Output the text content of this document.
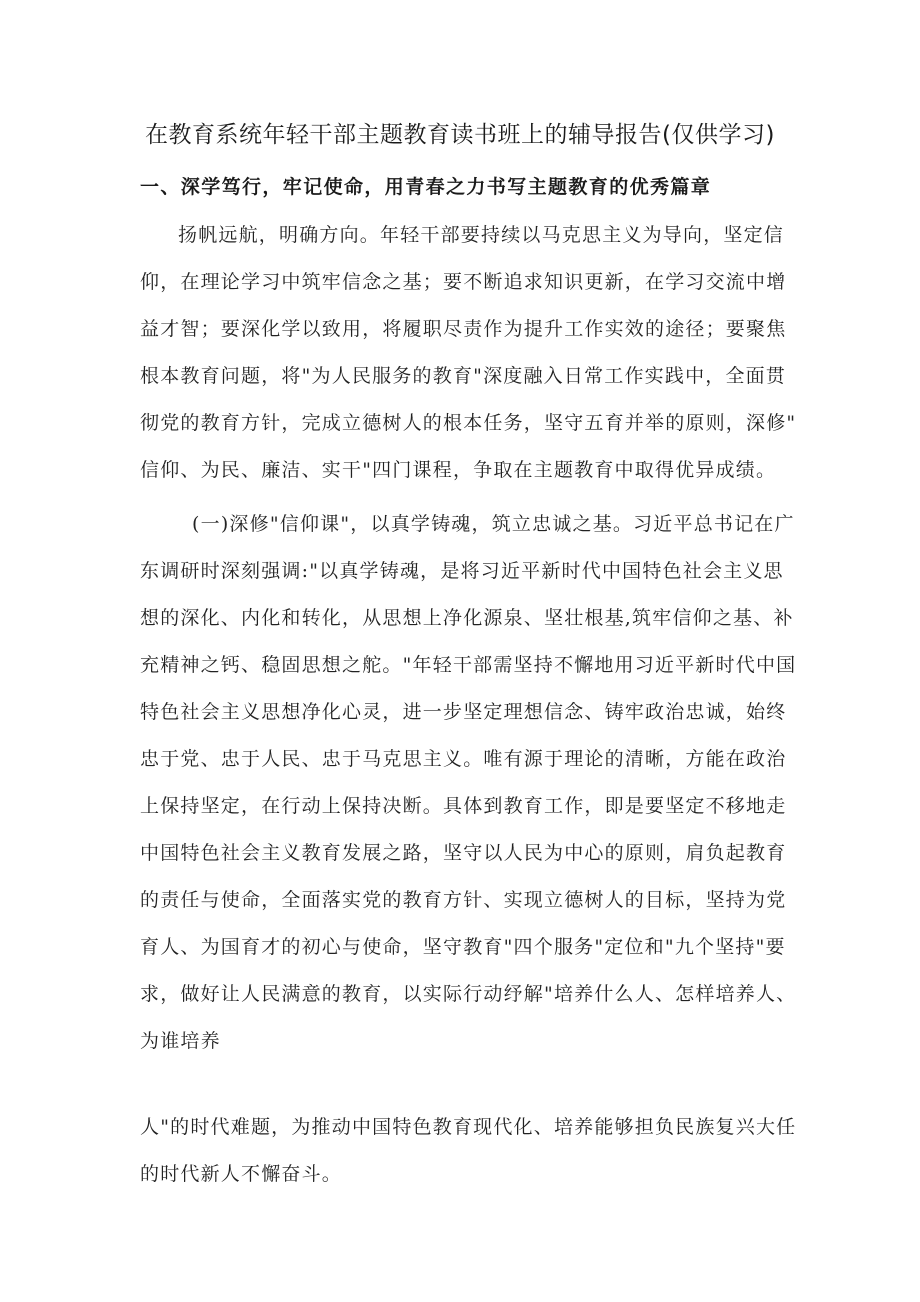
在教育系统年轻干部主题教育读书班上的辅导报告(仅供学习)
一、深学笃行，牢记使命，用青春之力书写主题教育的优秀篇章
扬帆远航，明确方向。年轻干部要持续以马克思主义为导向，坚定信
仰，在理论学习中筑牢信念之基；要不断追求知识更新，在学习交流中增
益才智；要深化学以致用，将履职尽责作为提升工作实效的途径；要聚焦
根本教育问题，将"为人民服务的教育"深度融入日常工作实践中，全面贯
彻党的教育方针，完成立德树人的根本任务，坚守五育并举的原则，深修"
信仰、为民、廉洁、实干"四门课程，争取在主题教育中取得优异成绩。
(一)深修"信仰课"，以真学铸魂，筑立忠诚之基。习近平总书记在广
东调研时深刻强调:"以真学铸魂，是将习近平新时代中国特色社会主义思
想的深化、内化和转化，从思想上净化源泉、坚壮根基,筑牢信仰之基、补
充精神之钙、稳固思想之舵。"年轻干部需坚持不懈地用习近平新时代中国
特色社会主义思想净化心灵，进一步坚定理想信念、铸牢政治忠诚，始终
忠于党、忠于人民、忠于马克思主义。唯有源于理论的清晰，方能在政治
上保持坚定，在行动上保持决断。具体到教育工作，即是要坚定不移地走
中国特色社会主义教育发展之路，坚守以人民为中心的原则，肩负起教育
的责任与使命，全面落实党的教育方针、实现立德树人的目标，坚持为党
育人、为国育才的初心与使命，坚守教育"四个服务"定位和"九个坚持"要
求，做好让人民满意的教育，以实际行动纾解"培养什么人、怎样培养人、
为谁培养
人"的时代难题，为推动中国特色教育现代化、培养能够担负民族复兴大任
的时代新人不懈奋斗。
